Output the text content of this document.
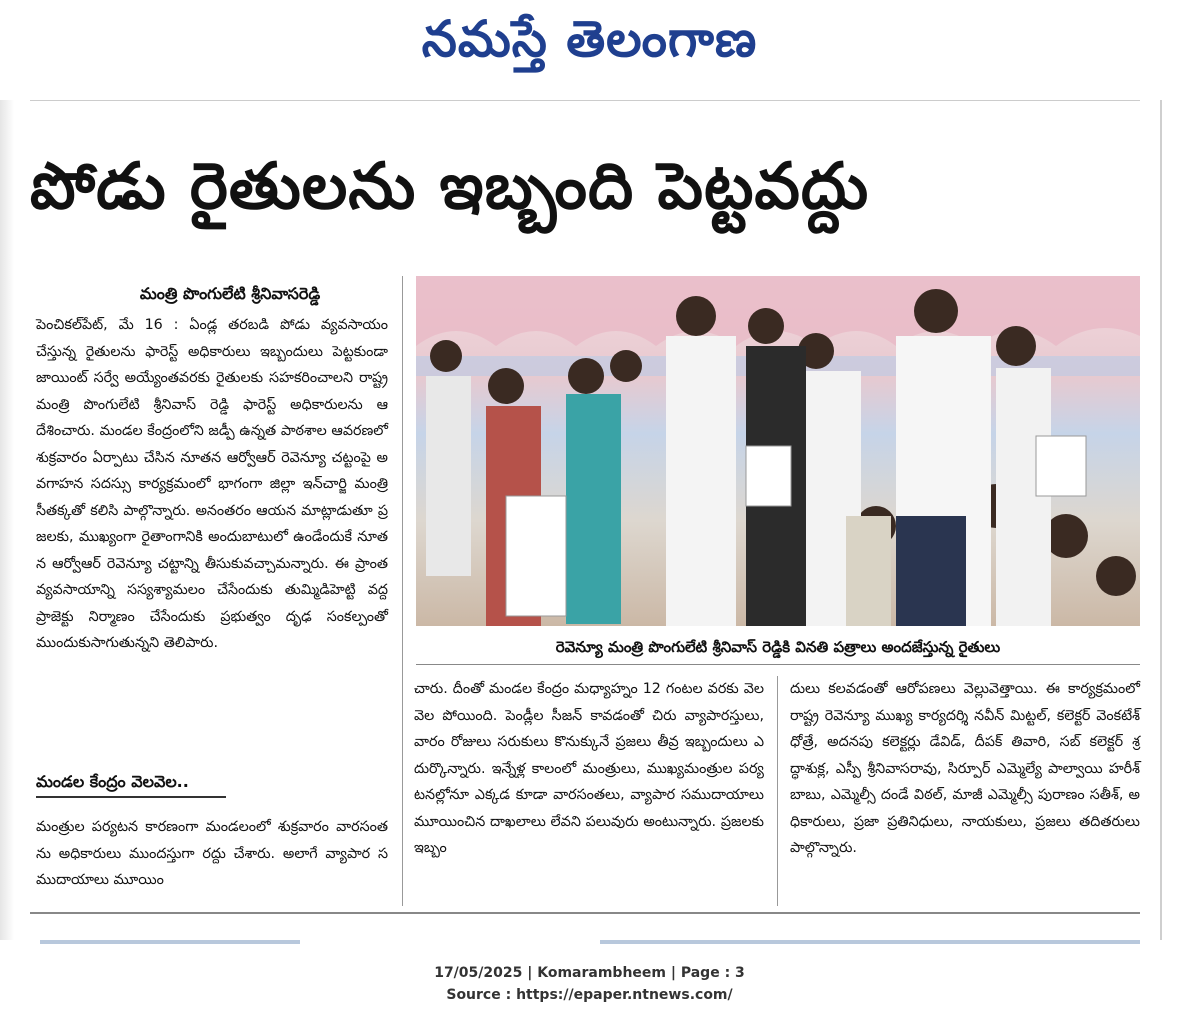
నమస్తే తెలంగాణ
పోడు రైతులను ఇబ్బంది పెట్టవద్దు
మంత్రి పొంగులేటి శ్రీనివాసరెడ్డి
పెంచికల్‌పేట్, మే 16 : ఏండ్ల తరబడి పోడు వ్యవసాయం చేస్తున్న రైతులను ఫారెస్ట్ అధికారులు ఇబ్బందులు పెట్టకుండా జాయింట్ సర్వే అయ్యేంతవరకు రైతులకు సహకరించాలని రాష్ట్ర మంత్రి పొంగులేటి శ్రీనివాస్ రెడ్డి ఫారెస్ట్ అధికారులను ఆదేశించారు. మండల కేంద్రంలోని జడ్పీ ఉన్నత పాఠశాల ఆవరణలో శుక్రవారం ఏర్పాటు చేసిన నూతన ఆర్వోఆర్ రెవెన్యూ చట్టంపై అవగాహన సదస్సు కార్యక్రమంలో భాగంగా జిల్లా ఇన్‌చార్జి మంత్రి సీతక్కతో కలిసి పాల్గొన్నారు. అనంతరం ఆయన మాట్లాడుతూ ప్రజలకు, ముఖ్యంగా రైతాంగానికి అందుబాటులో ఉండేందుకే నూతన ఆర్వోఆర్ రెవెన్యూ చట్టాన్ని తీసుకువచ్చామన్నారు. ఈ ప్రాంత వ్యవసాయాన్ని సస్యశ్యామలం చేసేందుకు తుమ్మిడిహెట్టి వద్ద ప్రాజెక్టు నిర్మాణం చేసేందుకు ప్రభుత్వం దృఢ సంకల్పంతో ముందుకుసాగుతున్నని తెలిపారు.
మండల కేంద్రం వెలవెల..
మంత్రుల పర్యటన కారణంగా మండలంలో శుక్రవారం వారసంతను అధికారులు ముందస్తుగా రద్దు చేశారు. అలాగే వ్యాపార సముదాయాలు మూయిం
రెవెన్యూ మంత్రి పొంగులేటి శ్రీనివాస్ రెడ్డికి వినతి పత్రాలు అందజేస్తున్న రైతులు
చారు. దీంతో మండల కేంద్రం మధ్యాహ్నం 12 గంటల వరకు వెలవెల పోయింది. పెండ్లీల సీజన్ కావడంతో చిరు వ్యాపారస్తులు, వారం రోజులు సరుకులు కొనుక్కునే ప్రజలు తీవ్ర ఇబ్బందులు ఎదుర్కొన్నారు. ఇన్నేళ్ల కాలంలో మంత్రులు, ముఖ్యమంత్రుల పర్యటనల్లోనూ ఎక్కడ కూడా వారసంతలు, వ్యాపార సముదాయాలు మూయించిన దాఖలాలు లేవని పలువురు అంటున్నారు. ప్రజలకు ఇబ్బం
దులు కలవడంతో ఆరోపణలు వెల్లువెత్తాయి. ఈ కార్యక్రమంలో రాష్ట్ర రెవెన్యూ ముఖ్య కార్యదర్శి నవీన్ మిట్టల్, కలెక్టర్ వెంకటేశ్ ధోత్రే, అదనపు కలెక్టర్లు డేవిడ్, దీపక్ తివారి, సబ్ కలెక్టర్ శ్రద్ధాశుక్ల, ఎస్పీ శ్రీనివాసరావు, సిర్పూర్ ఎమ్మెల్యే పాల్వాయి హరీశ్ బాబు, ఎమ్మెల్సీ దండే విఠల్, మాజీ ఎమ్మెల్సీ పురాణం సతీశ్, అధికారులు, ప్రజా ప్రతినిధులు, నాయకులు, ప్రజలు తదితరులు పాల్గొన్నారు.
17/05/2025 | Komarambheem | Page : 3
Source : https://epaper.ntnews.com/
